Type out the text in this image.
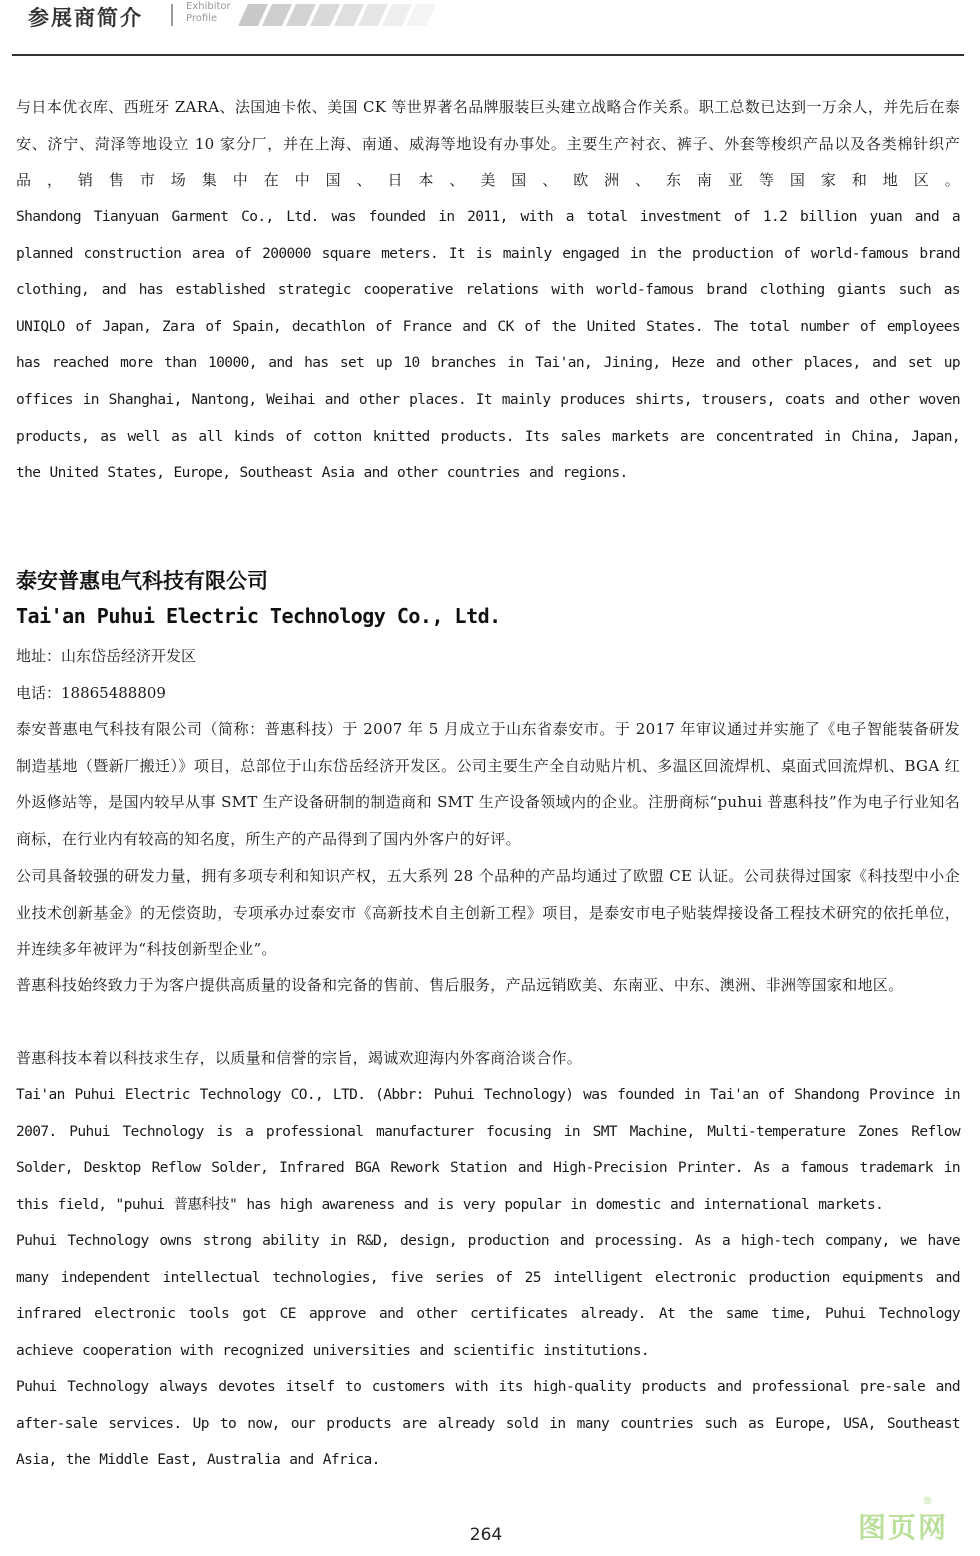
参展商简介	Exhibitor
Profile

与日本优衣库、西班牙 ZARA、法国迪卡侬、美国 CK 等世界著名品牌服装巨头建立战略合作关系。职工总数已达到一万余人，并先后在泰安、济宁、菏泽等地设立 10 家分厂，并在上海、南通、威海等地设有办事处。主要生产衬衣、裤子、外套等梭织产品以及各类棉针织产品，销售市场集中在中国、日本、美国、欧洲、东南亚等国家和地区。

Shandong Tianyuan Garment Co., Ltd. was founded in 2011, with a total investment of 1.2 billion yuan and a planned construction area of 200000 square meters. It is mainly engaged in the production of world-famous brand clothing, and has established strategic cooperative relations with world-famous brand clothing giants such as UNIQLO of Japan, Zara of Spain, decathlon of France and CK of the United States. The total number of employees has reached more than 10000, and has set up 10 branches in Tai'an, Jining, Heze and other places, and set up offices in Shanghai, Nantong, Weihai and other places. It mainly produces shirts, trousers, coats and other woven products, as well as all kinds of cotton knitted products. Its sales markets are concentrated in China, Japan, the United States, Europe, Southeast Asia and other countries and regions.

泰安普惠电气科技有限公司
Tai'an Puhui Electric Technology Co., Ltd.

地址：山东岱岳经济开发区

电话：18865488809

泰安普惠电气科技有限公司（简称：普惠科技）于 2007 年 5 月成立于山东省泰安市。于 2017 年审议通过并实施了《电子智能装备研发制造基地（暨新厂搬迁）》项目，总部位于山东岱岳经济开发区。公司主要生产全自动贴片机、多温区回流焊机、桌面式回流焊机、BGA 红外返修站等，是国内较早从事 SMT 生产设备研制的制造商和 SMT 生产设备领域内的企业。注册商标“puhui 普惠科技”作为电子行业知名商标，在行业内有较高的知名度，所生产的产品得到了国内外客户的好评。

公司具备较强的研发力量，拥有多项专利和知识产权，五大系列 28 个品种的产品均通过了欧盟 CE 认证。公司获得过国家《科技型中小企业技术创新基金》的无偿资助，专项承办过泰安市《高新技术自主创新工程》项目，是泰安市电子贴装焊接设备工程技术研究的依托单位，并连续多年被评为“科技创新型企业”。

普惠科技始终致力于为客户提供高质量的设备和完备的售前、售后服务，产品远销欧美、东南亚、中东、澳洲、非洲等国家和地区。

普惠科技本着以科技求生存，以质量和信誉的宗旨，竭诚欢迎海内外客商洽谈合作。

Tai'an Puhui Electric Technology CO., LTD. (Abbr: Puhui Technology) was founded in Tai'an of Shandong Province in 2007. Puhui Technology is a professional manufacturer focusing in SMT Machine, Multi-temperature Zones Reflow Solder, Desktop Reflow Solder, Infrared BGA Rework Station and High-Precision Printer. As a famous trademark in this field, "puhui 普惠科技" has high awareness and is very popular in domestic and international markets.

Puhui Technology owns strong ability in R&D, design, production and processing. As a high-tech company, we have many independent intellectual technologies, five series of 25 intelligent electronic production equipments and infrared electronic tools got CE approve and other certificates already. At the same time, Puhui Technology achieve cooperation with recognized universities and scientific institutions.

Puhui Technology always devotes itself to customers with its high-quality products and professional pre-sale and after-sale services. Up to now, our products are already sold in many countries such as Europe, USA, Southeast Asia, the Middle East, Australia and Africa.

264	图页网
®
